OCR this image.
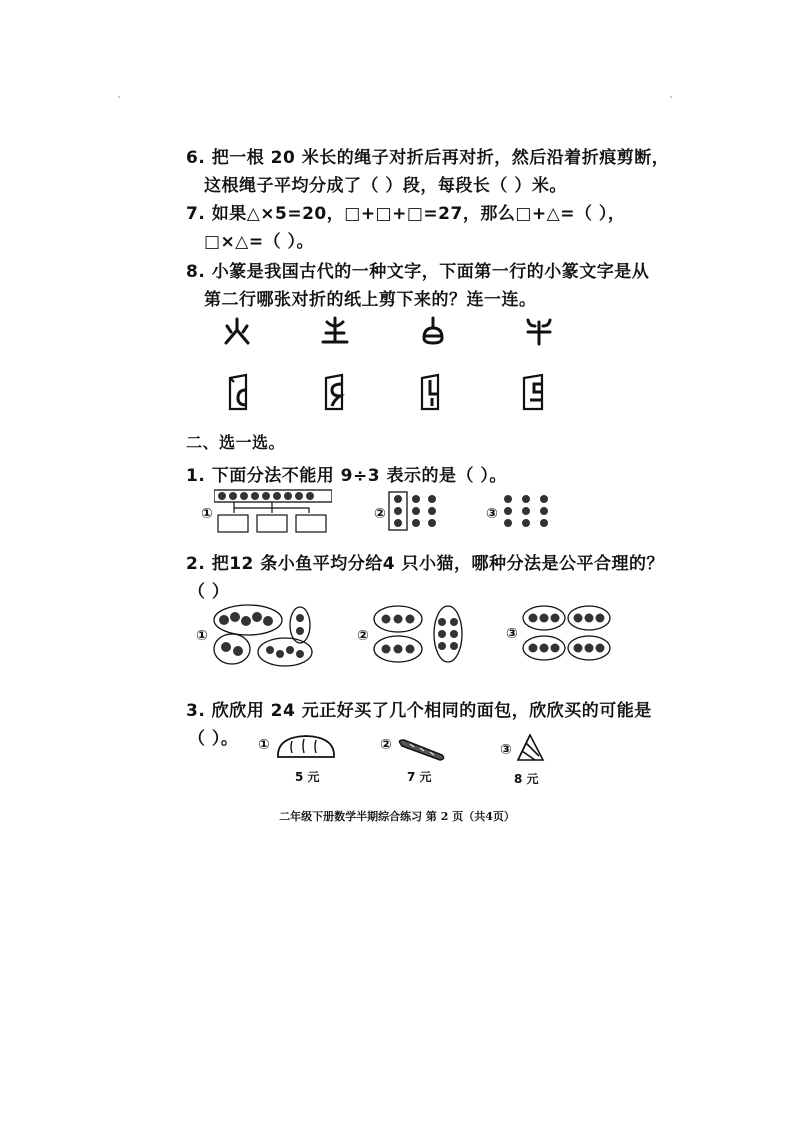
6. 把一根 20 米长的绳子对折后再对折，然后沿着折痕剪断，
这根绳子平均分成了（ ）段，每段长（ ）米。
7. 如果△×5=20，□+□+□=27，那么□+△=（ ），
□×△=（ ）。
8. 小篆是我国古代的一种文字，下面第一行的小篆文字是从
第二行哪张对折的纸上剪下来的？连一连。
二、选一选。
1. 下面分法不能用 9÷3 表示的是（ ）。
①	②	③
2. 把12 条小鱼平均分给4 只小猫，哪种分法是公平合理的？
（ ）
①	②	③
3. 欣欣用 24 元正好买了几个相同的面包，欣欣买的可能是
（ ）。 ①
5 元
②
7 元
③
8 元
二年级下册数学半期综合练习 第 2 页（共4页）
